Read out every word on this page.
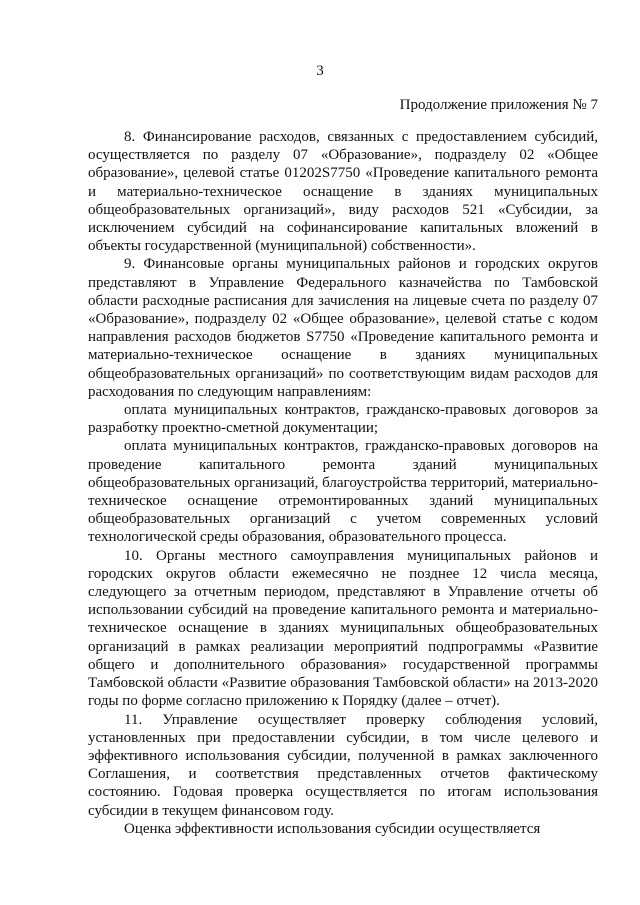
3
Продолжение приложения № 7

8. Финансирование расходов, связанных с предоставлением субсидий, осуществляется по разделу 07 «Образование», подразделу 02 «Общее образование», целевой статье 01202S7750 «Проведение капитального ремонта и материально-техническое оснащение в зданиях муниципальных общеобразовательных организаций», виду расходов 521 «Субсидии, за исключением субсидий на софинансирование капитальных вложений в объекты государственной (муниципальной) собственности».

9. Финансовые органы муниципальных районов и городских округов представляют в Управление Федерального казначейства по Тамбовской области расходные расписания для зачисления на лицевые счета по разделу 07 «Образование», подразделу 02 «Общее образование», целевой статье с кодом направления расходов бюджетов S7750 «Проведение капитального ремонта и материально-техническое оснащение в зданиях муниципальных общеобразовательных организаций» по соответствующим видам расходов для расходования по следующим направлениям:

оплата муниципальных контрактов, гражданско-правовых договоров за разработку проектно-сметной документации;

оплата муниципальных контрактов, гражданско-правовых договоров на проведение капитального ремонта зданий муниципальных общеобразовательных организаций, благоустройства территорий, материально-техническое оснащение отремонтированных зданий муниципальных общеобразовательных организаций с учетом современных условий технологической среды образования, образовательного процесса.

10. Органы местного самоуправления муниципальных районов и городских округов области ежемесячно не позднее 12 числа месяца, следующего за отчетным периодом, представляют в Управление отчеты об использовании субсидий на проведение капитального ремонта и материально-техническое оснащение в зданиях муниципальных общеобразовательных организаций в рамках реализации мероприятий подпрограммы «Развитие общего и дополнительного образования» государственной программы Тамбовской области «Развитие образования Тамбовской области» на 2013-2020 годы по форме согласно приложению к Порядку (далее – отчет).

11. Управление осуществляет проверку соблюдения условий, установленных при предоставлении субсидии, в том числе целевого и эффективного использования субсидии, полученной в рамках заключенного Соглашения, и соответствия представленных отчетов фактическому состоянию. Годовая проверка осуществляется по итогам использования субсидии в текущем финансовом году.

Оценка эффективности использования субсидии осуществляется
